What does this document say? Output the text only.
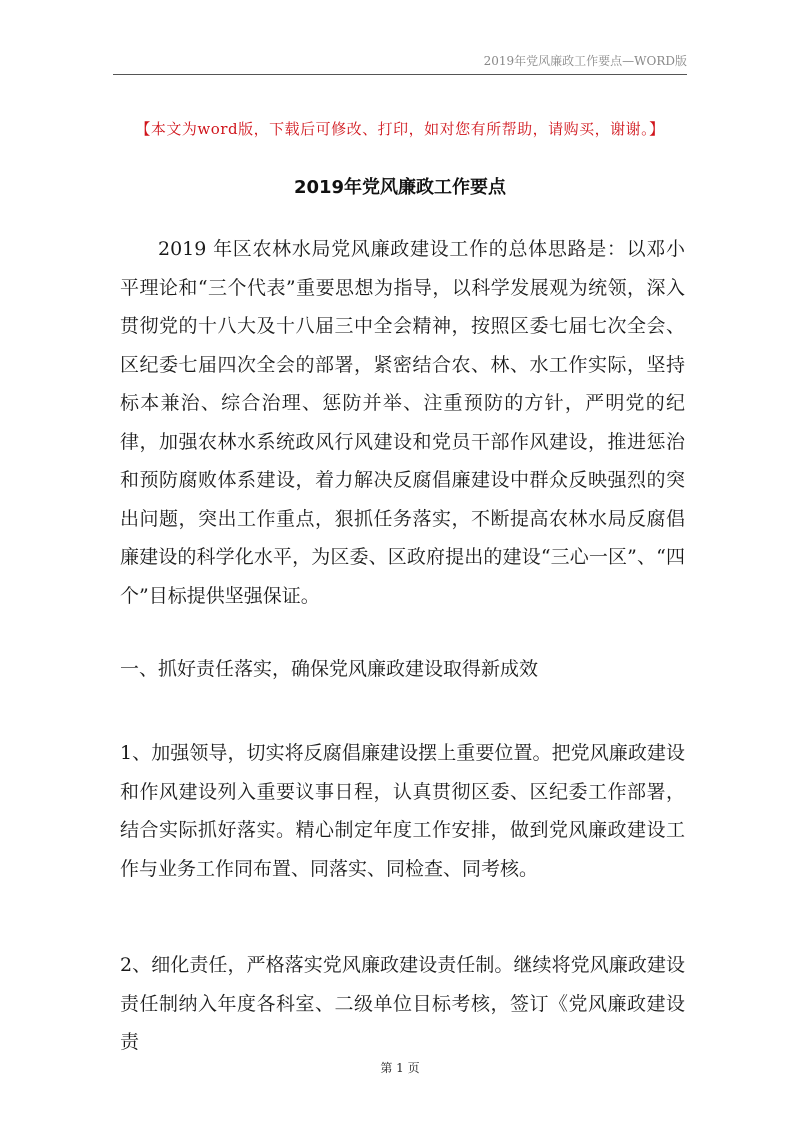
2019年党风廉政工作要点—WORD版
【本文为word版，下载后可修改、打印，如对您有所帮助，请购买，谢谢。】
2019年党风廉政工作要点

2019 年区农林水局党风廉政建设工作的总体思路是：以邓小平理论和“三个代表”重要思想为指导，以科学发展观为统领，深入贯彻党的十八大及十八届三中全会精神，按照区委七届七次全会、区纪委七届四次全会的部署，紧密结合农、林、水工作实际，坚持标本兼治、综合治理、惩防并举、注重预防的方针，严明党的纪律，加强农林水系统政风行风建设和党员干部作风建设，推进惩治和预防腐败体系建设，着力解决反腐倡廉建设中群众反映强烈的突出问题，突出工作重点，狠抓任务落实，不断提高农林水局反腐倡廉建设的科学化水平，为区委、区政府提出的建设“三心一区”、“四个”目标提供坚强保证。

一、抓好责任落实，确保党风廉政建设取得新成效

1、加强领导，切实将反腐倡廉建设摆上重要位置。把党风廉政建设和作风建设列入重要议事日程，认真贯彻区委、区纪委工作部署，结合实际抓好落实。精心制定年度工作安排，做到党风廉政建设工作与业务工作同布置、同落实、同检查、同考核。

2、细化责任，严格落实党风廉政建设责任制。继续将党风廉政建设责任制纳入年度各科室、二级单位目标考核，签订《党风廉政建设责

第 1 页
